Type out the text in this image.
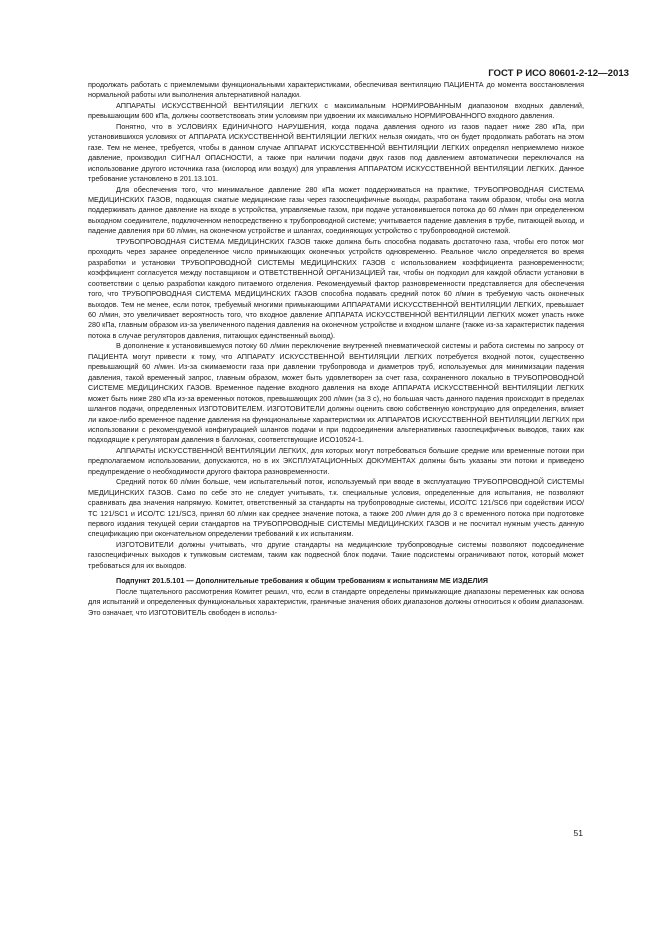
ГОСТ Р ИСО 80601-2-12—2013

продолжать работать с приемлемыми функциональными характеристиками, обеспечивая вентиляцию ПАЦИЕНТА до момента восстановления нормальной работы или выполнения альтернативной наладки.

АППАРАТЫ ИСКУССТВЕННОЙ ВЕНТИЛЯЦИИ ЛЕГКИХ с максимальным НОРМИРОВАННЫМ диапазоном входных давлений, превышающим 600 кПа, должны соответствовать этим условиям при удвоении их максимально НОРМИРОВАННОГО входного давления.

Понятно, что в УСЛОВИЯХ ЕДИНИЧНОГО НАРУШЕНИЯ, когда подача давления одного из газов падает ниже 280 кПа, при установившихся условиях от АППАРАТА ИСКУССТВЕННОЙ ВЕНТИЛЯЦИИ ЛЕГКИХ нельзя ожидать, что он будет продолжать работать на этом газе. Тем не менее, требуется, чтобы в данном случае АППАРАТ ИСКУССТВЕННОЙ ВЕНТИЛЯЦИИ ЛЕГКИХ определял неприемлемо низкое давление, производил СИГНАЛ ОПАСНОСТИ, а также при наличии подачи двух газов под давлением автоматически переключался на использование другого источника газа (кислород или воздух) для управления АППАРАТОМ ИСКУССТВЕННОЙ ВЕНТИЛЯЦИИ ЛЕГКИХ. Данное требование установлено в 201.13.101.

Для обеспечения того, что минимальное давление 280 кПа может поддерживаться на практике, ТРУБОПРОВОДНАЯ СИСТЕМА МЕДИЦИНСКИХ ГАЗОВ, подающая сжатые медицинские газы через газоспецифичные выходы, разработана таким образом, чтобы она могла поддерживать данное давление на входе в устройства, управляемые газом, при подаче установившегося потока до 60 л/мин при определенном выходном соединителе, подключенном непосредственно к трубопроводной системе; учитывается падение давления в трубе, питающей выход, и падение давления при 60 л/мин, на оконечном устройстве и шлангах, соединяющих устройство с трубопроводной системой.

ТРУБОПРОВОДНАЯ СИСТЕМА МЕДИЦИНСКИХ ГАЗОВ также должна быть способна подавать достаточно газа, чтобы его поток мог проходить через заранее определенное число примыкающих оконечных устройств одновременно. Реальное число определяется во время разработки и установки ТРУБОПРОВОДНОЙ СИСТЕМЫ МЕДИЦИНСКИХ ГАЗОВ с использованием коэффициента разновременности; коэффициент согласуется между поставщиком и ОТВЕТСТВЕННОЙ ОРГАНИЗАЦИЕЙ так, чтобы он подходил для каждой области установки в соответствии с целью разработки каждого питаемого отделения. Рекомендуемый фактор разновременности представляется для обеспечения того, что ТРУБОПРОВОДНАЯ СИСТЕМА МЕДИЦИНСКИХ ГАЗОВ способна подавать средний поток 60 л/мин в требуемую часть оконечных выходов. Тем не менее, если поток, требуемый многими примыкающими АППАРАТАМИ ИСКУССТВЕННОЙ ВЕНТИЛЯЦИИ ЛЕГКИХ, превышает 60 л/мин, это увеличивает вероятность того, что входное давление АППАРАТА ИСКУССТВЕННОЙ ВЕНТИЛЯЦИИ ЛЕГКИХ может упасть ниже 280 кПа, главным образом из-за увеличенного падения давления на оконечном устройстве и входном шланге (также из-за характеристик падения потока в случае регуляторов давления, питающих единственный выход).

В дополнение к установившемуся потоку 60 л/мин переключение внутренней пневматической системы и работа системы по запросу от ПАЦИЕНТА могут привести к тому, что АППАРАТУ ИСКУССТВЕННОЙ ВЕНТИЛЯЦИИ ЛЕГКИХ потребуется входной поток, существенно превышающий 60 л/мин. Из-за сжимаемости газа при давлении трубопровода и диаметров труб, используемых для минимизации падения давления, такой временный запрос, главным образом, может быть удовлетворен за счет газа, сохраненного локально в ТРУБОПРОВОДНОЙ СИСТЕМЕ МЕДИЦИНСКИХ ГАЗОВ. Временное падение входного давления на входе АППАРАТА ИСКУССТВЕННОЙ ВЕНТИЛЯЦИИ ЛЕГКИХ может быть ниже 280 кПа из-за временных потоков, превышающих 200 л/мин (за 3 с), но большая часть данного падения происходит в пределах шлангов подачи, определенных ИЗГОТОВИТЕЛЕМ. ИЗГОТОВИТЕЛИ должны оценить свою собственную конструкцию для определения, влияет ли какое-либо временное падение давления на функциональные характеристики их АППАРАТОВ ИСКУССТВЕННОЙ ВЕНТИЛЯЦИИ ЛЕГКИХ при использовании с рекомендуемой конфигурацией шлангов подачи и при подсоединении альтернативных газоспецифичных выводов, таких как подходящие к регуляторам давления в баллонах, соответствующие ИСО10524-1.

АППАРАТЫ ИСКУССТВЕННОЙ ВЕНТИЛЯЦИИ ЛЕГКИХ, для которых могут потребоваться большие средние или временные потоки при предполагаемом использовании, допускаются, но в их ЭКСПЛУАТАЦИОННЫХ ДОКУМЕНТАХ должны быть указаны эти потоки и приведено предупреждение о необходимости другого фактора разновременности.

Средний поток 60 л/мин больше, чем испытательный поток, используемый при вводе в эксплуатацию ТРУБОПРОВОДНОЙ СИСТЕМЫ МЕДИЦИНСКИХ ГАЗОВ. Само по себе это не следует учитывать, т.к. специальные условия, определенные для испытания, не позволяют сравнивать два значения напрямую. Комитет, ответственный за стандарты на трубопроводные системы, ИСО/ТС 121/SC6 при содействии ИСО/ТС 121/SC1 и ИСО/ТС 121/SC3, принял 60 л/мин как среднее значение потока, а также 200 л/мин для до 3 с временного потока при подготовке первого издания текущей серии стандартов на ТРУБОПРОВОДНЫЕ СИСТЕМЫ МЕДИЦИНСКИХ ГАЗОВ и не посчитал нужным учесть данную спецификацию при окончательном определении требований к их испытаниям.

ИЗГОТОВИТЕЛИ должны учитывать, что другие стандарты на медицинские трубопроводные системы позволяют подсоединение газоспецифичных выходов к тупиковым системам, таким как подвесной блок подачи. Такие подсистемы ограничивают поток, который может требоваться для их выходов.

Подпункт 201.5.101 — Дополнительные требования к общим требованиям к испытаниям МЕ ИЗДЕЛИЯ

После тщательного рассмотрения Комитет решил, что, если в стандарте определены примыкающие диапазоны переменных как основа для испытаний и определенных функциональных характеристик, граничные значения обоих диапазонов должны относиться к обоим диапазонам. Это означает, что ИЗГОТОВИТЕЛЬ свободен в использ-

51
